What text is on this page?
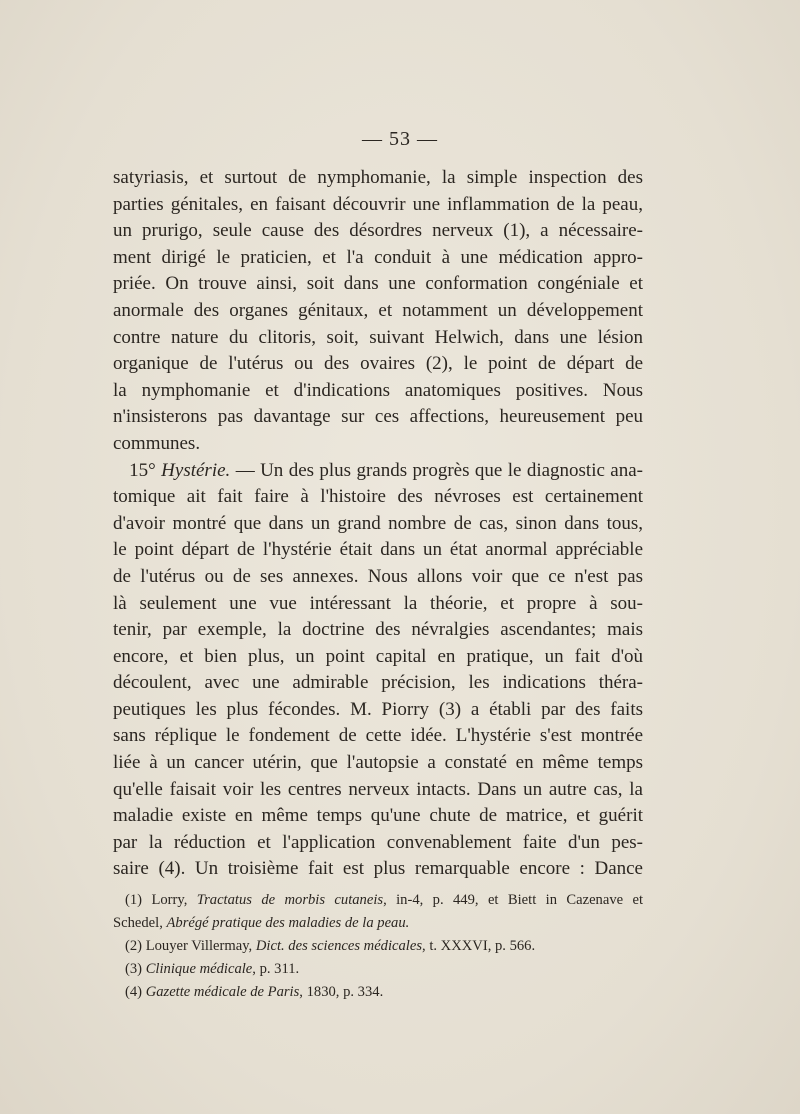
— 53 —
satyriasis, et surtout de nymphomanie, la simple inspection des
parties génitales, en faisant découvrir une inflammation de la peau,
un prurigo, seule cause des désordres nerveux (1), a nécessaire-
ment dirigé le praticien, et l'a conduit à une médication appro-
priée. On trouve ainsi, soit dans une conformation congéniale et
anormale des organes génitaux, et notamment un développement
contre nature du clitoris, soit, suivant Helwich, dans une lésion
organique de l'utérus ou des ovaires (2), le point de départ de
la nymphomanie et d'indications anatomiques positives. Nous
n'insisterons pas davantage sur ces affections, heureusement peu
communes.
15° Hystérie. — Un des plus grands progrès que le diagnostic ana-
tomique ait fait faire à l'histoire des névroses est certainement
d'avoir montré que dans un grand nombre de cas, sinon dans tous,
le point départ de l'hystérie était dans un état anormal appréciable
de l'utérus ou de ses annexes. Nous allons voir que ce n'est pas
là seulement une vue intéressant la théorie, et propre à sou-
tenir, par exemple, la doctrine des névralgies ascendantes; mais
encore, et bien plus, un point capital en pratique, un fait d'où
découlent, avec une admirable précision, les indications théra-
peutiques les plus fécondes. M. Piorry (3) a établi par des faits
sans réplique le fondement de cette idée. L'hystérie s'est montrée
liée à un cancer utérin, que l'autopsie a constaté en même temps
qu'elle faisait voir les centres nerveux intacts. Dans un autre cas, la
maladie existe en même temps qu'une chute de matrice, et guérit
par la réduction et l'application convenablement faite d'un pes-
saire (4). Un troisième fait est plus remarquable encore : Dance
(1) Lorry, Tractatus de morbis cutaneis, in-4, p. 449, et Biett in Cazenave et
Schedel, Abrégé pratique des maladies de la peau.
(2) Louyer Villermay, Dict. des sciences médicales, t. XXXVI, p. 566.
(3) Clinique médicale, p. 311.
(4) Gazette médicale de Paris, 1830, p. 334.
